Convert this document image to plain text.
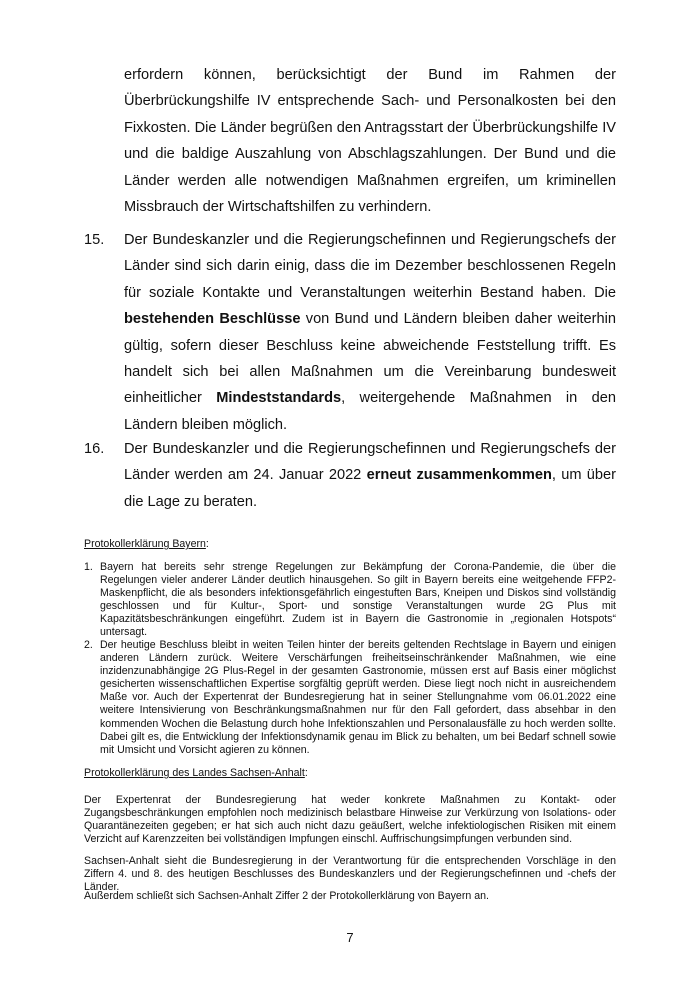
erfordern können, berücksichtigt der Bund im Rahmen der Überbrückungshilfe IV entsprechende Sach- und Personalkosten bei den Fixkosten. Die Länder begrüßen den Antragsstart der Überbrückungshilfe IV und die baldige Auszahlung von Abschlagszahlungen. Der Bund und die Länder werden alle notwendigen Maßnahmen ergreifen, um kriminellen Missbrauch der Wirtschaftshilfen zu verhindern.

15.	Der Bundeskanzler und die Regierungschefinnen und Regierungschefs der Länder sind sich darin einig, dass die im Dezember beschlossenen Regeln für soziale Kontakte und Veranstaltungen weiterhin Bestand haben. Die bestehenden Beschlüsse von Bund und Ländern bleiben daher weiterhin gültig, sofern dieser Beschluss keine abweichende Feststellung trifft. Es handelt sich bei allen Maßnahmen um die Vereinbarung bundesweit einheitlicher Mindeststandards, weitergehende Maßnahmen in den Ländern bleiben möglich.
16.	Der Bundeskanzler und die Regierungschefinnen und Regierungschefs der Länder werden am 24. Januar 2022 erneut zusammenkommen, um über die Lage zu beraten.
Protokollerklärung Bayern:
1. Bayern hat bereits sehr strenge Regelungen zur Bekämpfung der Corona-Pandemie, die über die Regelungen vieler anderer Länder deutlich hinausgehen. So gilt in Bayern bereits eine weitgehende FFP2-Maskenpflicht, die als besonders infektionsgefährlich eingestuften Bars, Kneipen und Diskos sind vollständig geschlossen und für Kultur-, Sport- und sonstige Veranstaltungen wurde 2G Plus mit Kapazitätsbeschränkungen eingeführt. Zudem ist in Bayern die Gastronomie in „regionalen Hotspots“ untersagt.
2. Der heutige Beschluss bleibt in weiten Teilen hinter der bereits geltenden Rechtslage in Bayern und einigen anderen Ländern zurück. Weitere Verschärfungen freiheitseinschränkender Maßnahmen, wie eine inzidenzunabhängige 2G Plus-Regel in der gesamten Gastronomie, müssen erst auf Basis einer möglichst gesicherten wissenschaftlichen Expertise sorgfältig geprüft werden. Diese liegt noch nicht in ausreichendem Maße vor. Auch der Expertenrat der Bundesregierung hat in seiner Stellungnahme vom 06.01.2022 eine weitere Intensivierung von Beschränkungsmaßnahmen nur für den Fall gefordert, dass absehbar in den kommenden Wochen die Belastung durch hohe Infektionszahlen und Personalausfälle zu hoch werden sollte. Dabei gilt es, die Entwicklung der Infektionsdynamik genau im Blick zu behalten, um bei Bedarf schnell sowie mit Umsicht und Vorsicht agieren zu können.
Protokollerklärung des Landes Sachsen-Anhalt:

Der Expertenrat der Bundesregierung hat weder konkrete Maßnahmen zu Kontakt- oder Zugangsbeschränkungen empfohlen noch medizinisch belastbare Hinweise zur Verkürzung von Isolations- oder Quarantänezeiten gegeben; er hat sich auch nicht dazu geäußert, welche infektiologischen Risiken mit einem Verzicht auf Karenzzeiten bei vollständigen Impfungen einschl. Auffrischungsimpfungen verbunden sind.

Sachsen-Anhalt sieht die Bundesregierung in der Verantwortung für die entsprechenden Vorschläge in den Ziffern 4. und 8. des heutigen Beschlusses des Bundeskanzlers und der Regierungschefinnen und -chefs der Länder.

Außerdem schließt sich Sachsen-Anhalt Ziffer 2 der Protokollerklärung von Bayern an.

7
